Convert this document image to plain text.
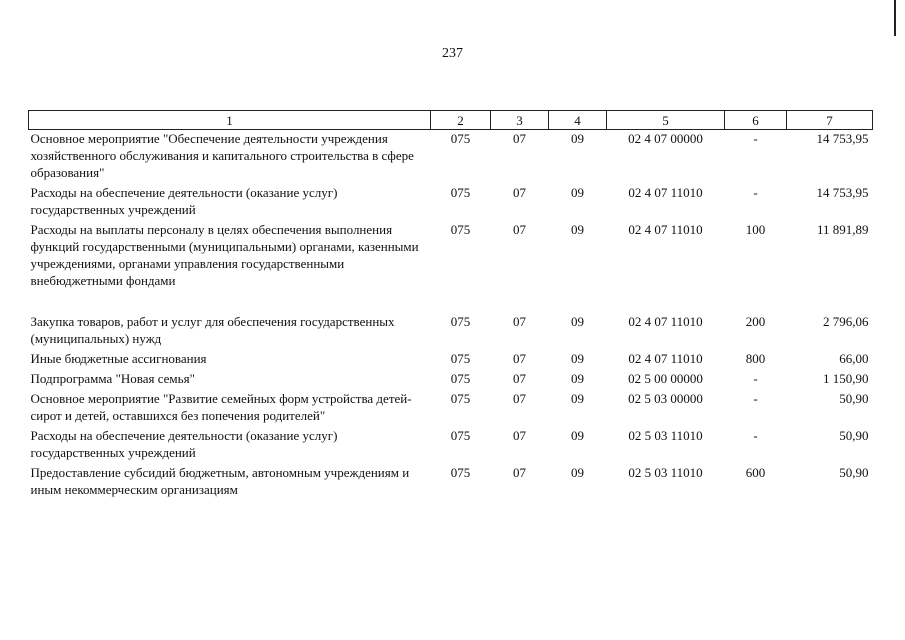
237
1	2	3	4	5	6	7
Основное мероприятие "Обеспечение деятельности учреждения хозяйственного обслуживания и капитального строительства в сфере образования"	075	07	09	02 4 07 00000	-	14 753,95
Расходы на обеспечение деятельности (оказание услуг) государственных учреждений	075	07	09	02 4 07 11010	-	14 753,95
Расходы на выплаты персоналу в целях обеспечения выполнения функций государственными (муниципальными) органами, казенными учреждениями, органами управления государственными внебюджетными фондами	075	07	09	02 4 07 11010	100	11 891,89
Закупка товаров, работ и услуг для обеспечения государственных (муниципальных) нужд	075	07	09	02 4 07 11010	200	2 796,06
Иные бюджетные ассигнования	075	07	09	02 4 07 11010	800	66,00
Подпрограмма "Новая семья"	075	07	09	02 5 00 00000	-	1 150,90
Основное мероприятие "Развитие семейных форм устройства детей-сирот и детей, оставшихся без попечения родителей"	075	07	09	02 5 03 00000	-	50,90
Расходы на обеспечение деятельности (оказание услуг) государственных учреждений	075	07	09	02 5 03 11010	-	50,90
Предоставление субсидий бюджетным, автономным учреждениям и иным некоммерческим организациям	075	07	09	02 5 03 11010	600	50,90
